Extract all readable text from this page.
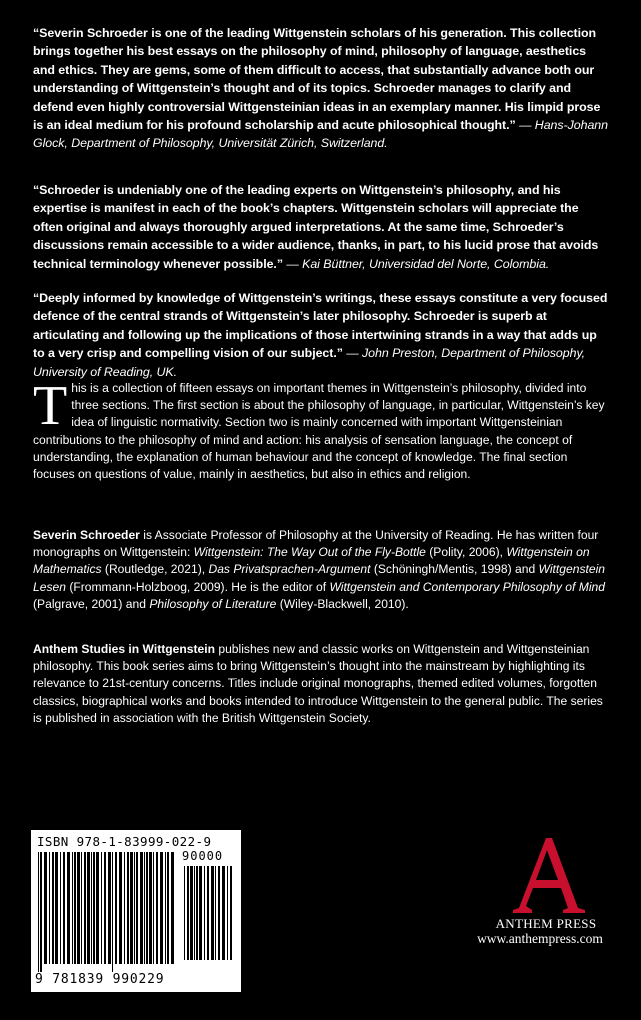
“Severin Schroeder is one of the leading Wittgenstein scholars of his generation. This collection brings together his best essays on the philosophy of mind, philosophy of language, aesthetics and ethics. They are gems, some of them difficult to access, that substantially advance both our understanding of Wittgenstein’s thought and of its topics. Schroeder manages to clarify and defend even highly controversial Wittgensteinian ideas in an exemplary manner. His limpid prose is an ideal medium for his profound scholarship and acute philosophical thought.” — Hans-Johann Glock, Department of Philosophy, Universität Zürich, Switzerland.

“Schroeder is undeniably one of the leading experts on Wittgenstein’s philosophy, and his expertise is manifest in each of the book’s chapters. Wittgenstein scholars will appreciate the often original and always thoroughly argued interpretations. At the same time, Schroeder’s discussions remain accessible to a wider audience, thanks, in part, to his lucid prose that avoids technical terminology whenever possible.” — Kai Büttner, Universidad del Norte, Colombia.

“Deeply informed by knowledge of Wittgenstein’s writings, these essays constitute a very focused defence of the central strands of Wittgenstein’s later philosophy. Schroeder is superb at articulating and following up the implications of those intertwining strands in a way that adds up to a very crisp and compelling vision of our subject.” — John Preston, Department of Philosophy, University of Reading, UK.

This is a collection of fifteen essays on important themes in Wittgenstein’s philosophy, divided into three sections. The first section is about the philosophy of language, in particular, Wittgenstein’s key idea of linguistic normativity. Section two is mainly concerned with important Wittgensteinian contributions to the philosophy of mind and action: his analysis of sensation language, the concept of understanding, the explanation of human behaviour and the concept of knowledge. The final section focuses on questions of value, mainly in aesthetics, but also in ethics and religion.

Severin Schroeder is Associate Professor of Philosophy at the University of Reading. He has written four monographs on Wittgenstein: Wittgenstein: The Way Out of the Fly-Bottle (Polity, 2006), Wittgenstein on Mathematics (Routledge, 2021), Das Privatsprachen-Argument (Schöningh/Mentis, 1998) and Wittgenstein Lesen (Frommann-Holzboog, 2009). He is the editor of Wittgenstein and Contemporary Philosophy of Mind (Palgrave, 2001) and Philosophy of Literature (Wiley-Blackwell, 2010).

Anthem Studies in Wittgenstein publishes new and classic works on Wittgenstein and Wittgensteinian philosophy. This book series aims to bring Wittgenstein’s thought into the mainstream by highlighting its relevance to 21st-century concerns. Titles include original monographs, themed edited volumes, forgotten classics, biographical works and books intended to introduce Wittgenstein to the general public. The series is published in association with the British Wittgenstein Society.

ISBN 978-1-83999-022-9
90000
9 781839 990229
ANTHEM PRESS
www.anthempress.com
